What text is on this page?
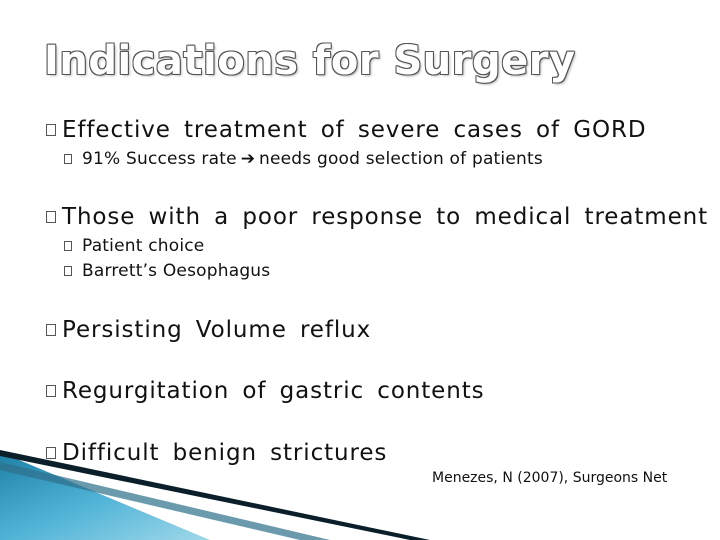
Indications for Surgery
Effective treatment of severe cases of GORD
91% Success rate ➔ needs good selection of patients
Those with a poor response to medical treatment
Patient choice
Barrett’s Oesophagus
Persisting Volume reflux
Regurgitation of gastric contents
Difficult benign strictures
Menezes, N (2007), Surgeons Net
